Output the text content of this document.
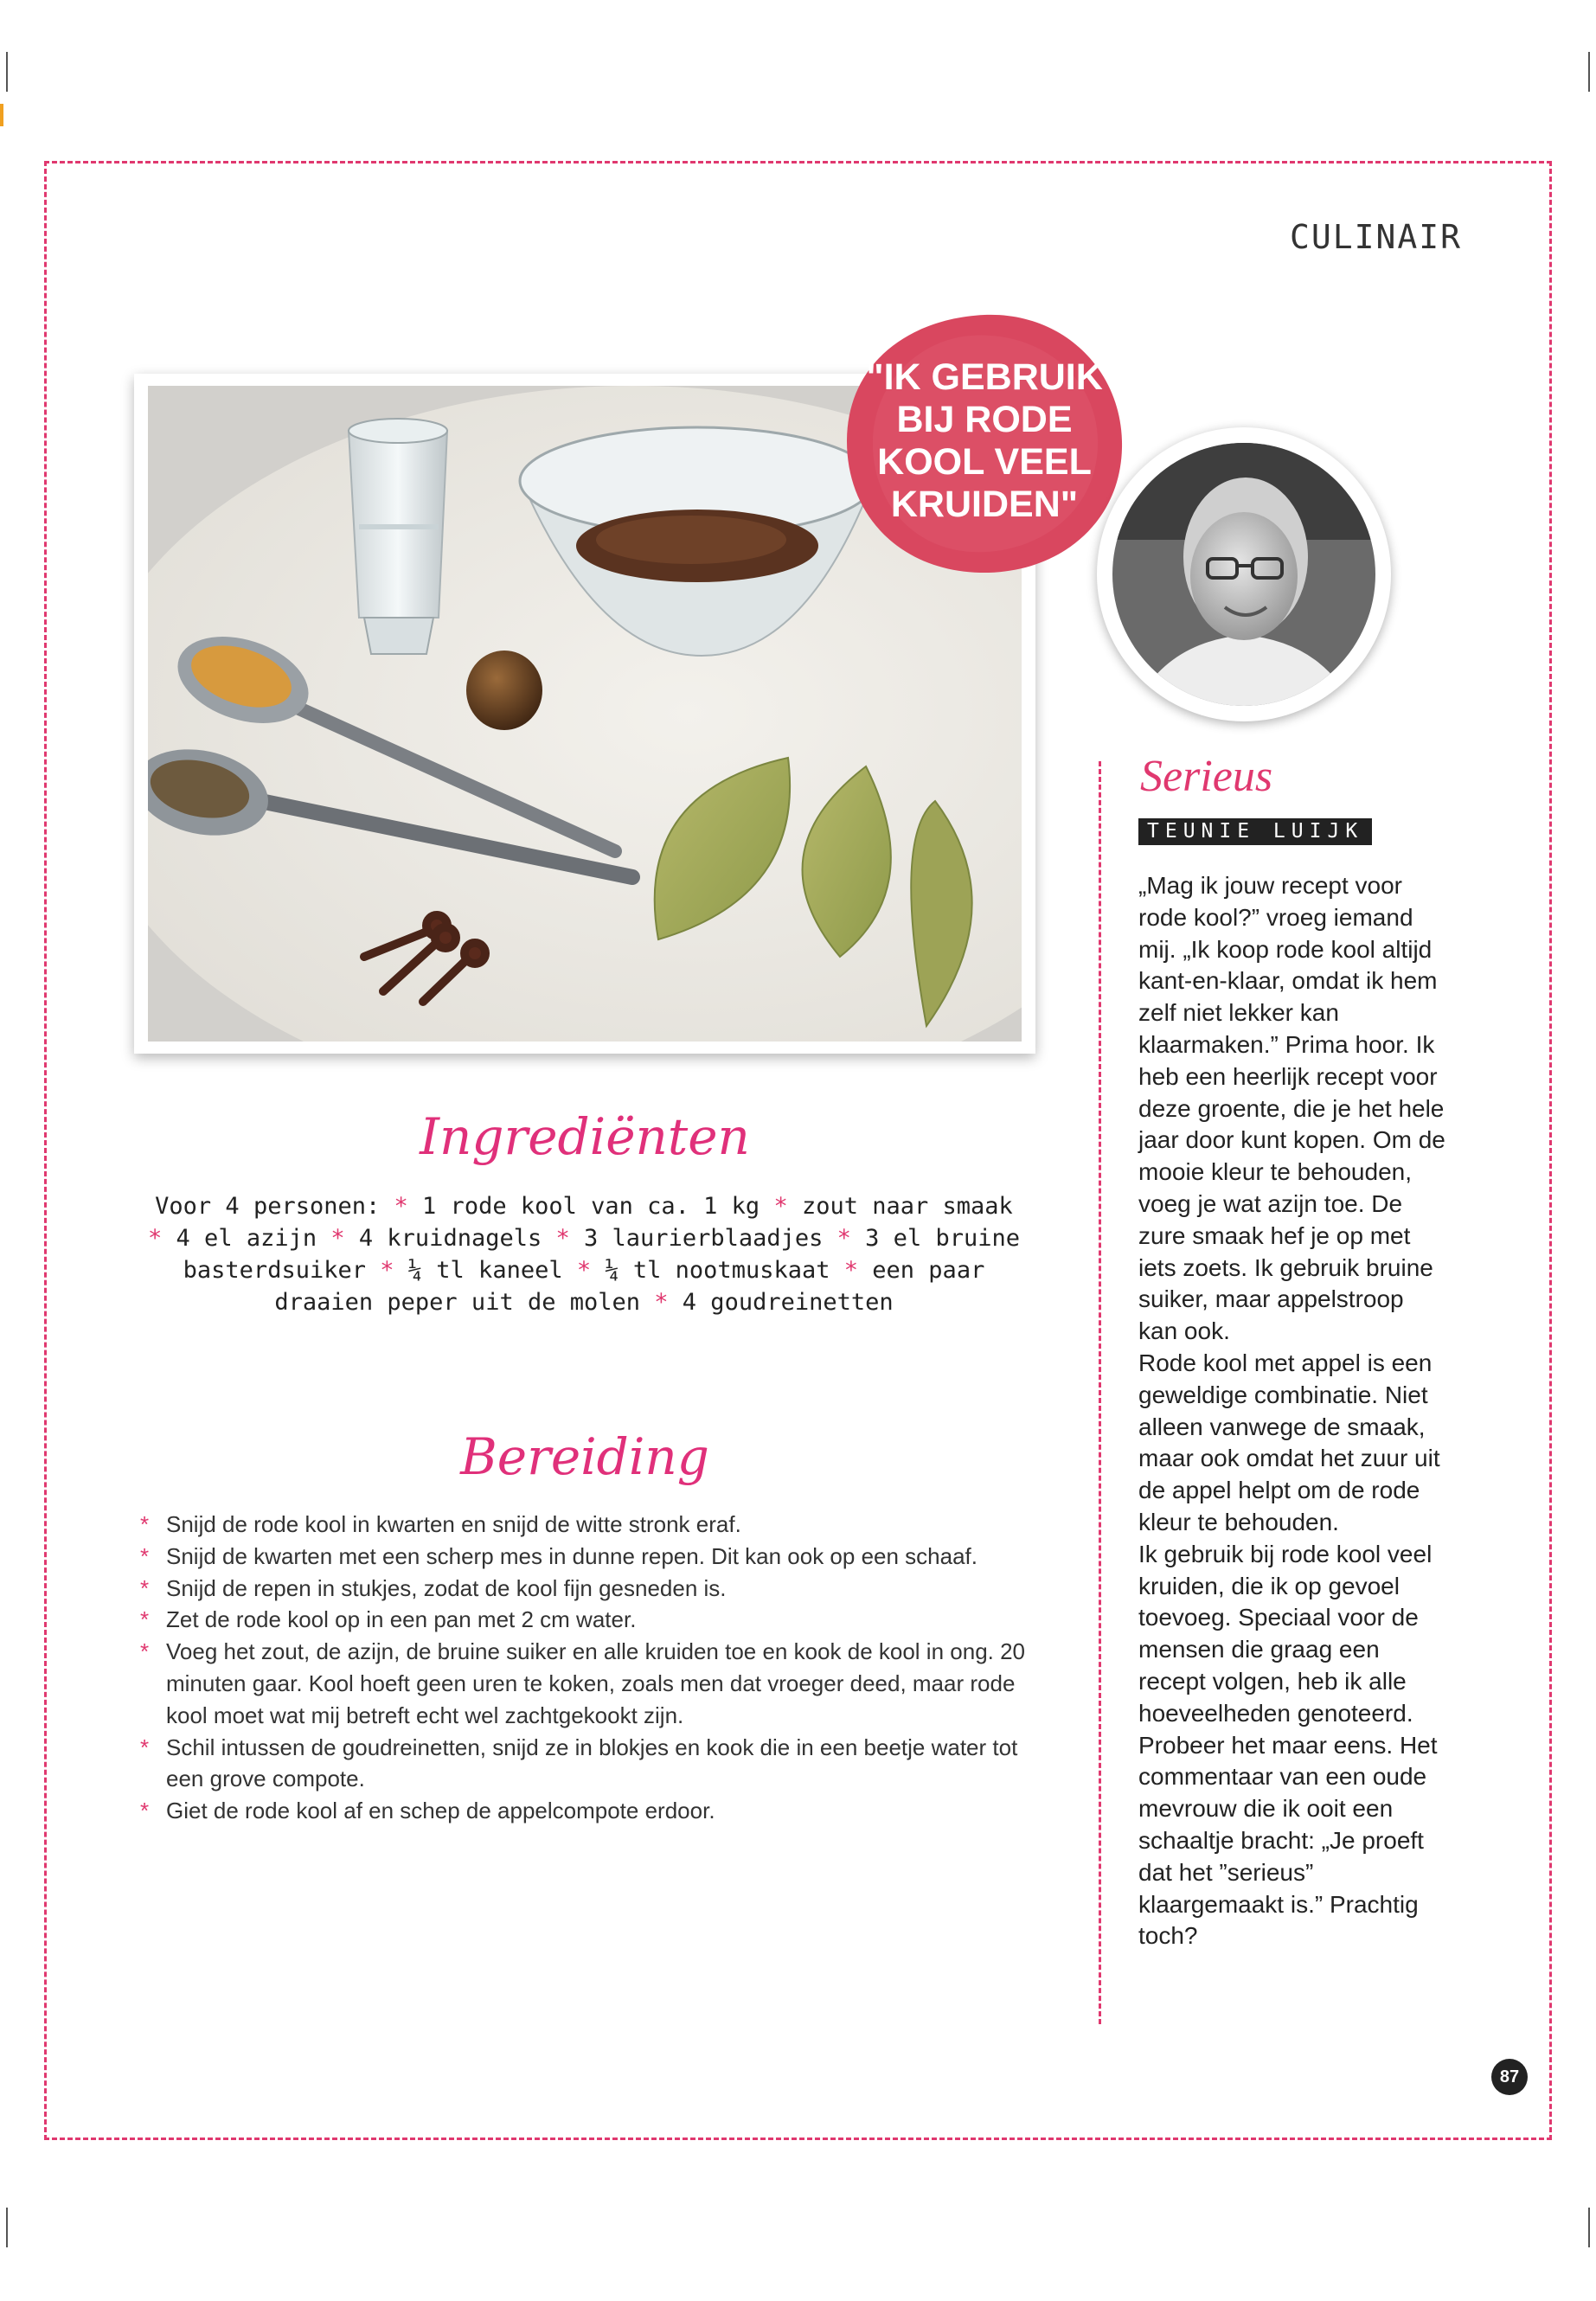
CULINAIR
"IK GEBRUIK
BIJ RODE
KOOL VEEL
KRUIDEN"
Serieus
TEUNIE LUIJK

„Mag ik jouw recept voor rode kool?” vroeg iemand mij. „Ik koop rode kool altijd kant-en-klaar, omdat ik hem zelf niet lekker kan klaarmaken.” Prima hoor. Ik heb een heerlijk recept voor deze groente, die je het hele jaar door kunt kopen. Om de mooie kleur te behouden, voeg je wat azijn toe. De zure smaak hef je op met iets zoets. Ik gebruik bruine suiker, maar appelstroop kan ook.

Rode kool met appel is een geweldige combinatie. Niet alleen vanwege de smaak, maar ook omdat het zuur uit de appel helpt om de rode kleur te behouden.

Ik gebruik bij rode kool veel kruiden, die ik op gevoel toevoeg. Speciaal voor de mensen die graag een recept volgen, heb ik alle hoeveelheden genoteerd. Probeer het maar eens. Het commentaar van een oude mevrouw die ik ooit een schaaltje bracht: „Je proeft dat het ”serieus” klaargemaakt is.” Prachtig toch?

Ingrediënten
Voor 4 personen: * 1 rode kool van ca. 1 kg * zout naar smaak * 4 el azijn * 4 kruidnagels * 3 laurierblaadjes * 3 el bruine basterdsuiker * ¼ tl kaneel * ¼ tl nootmuskaat * een paar draaien peper uit de molen * 4 goudreinetten
Bereiding
* Snijd de rode kool in kwarten en snijd de witte stronk eraf.
* Snijd de kwarten met een scherp mes in dunne repen. Dit kan ook op een schaaf.
* Snijd de repen in stukjes, zodat de kool fijn gesneden is.
* Zet de rode kool op in een pan met 2 cm water.
* Voeg het zout, de azijn, de bruine suiker en alle kruiden toe en kook de kool in ong. 20 minuten gaar. Kool hoeft geen uren te koken, zoals men dat vroeger deed, maar rode kool moet wat mij betreft echt wel zachtgekookt zijn.
* Schil intussen de goudreinetten, snijd ze in blokjes en kook die in een beetje water tot een grove compote.
* Giet de rode kool af en schep de appelcompote erdoor.
87
